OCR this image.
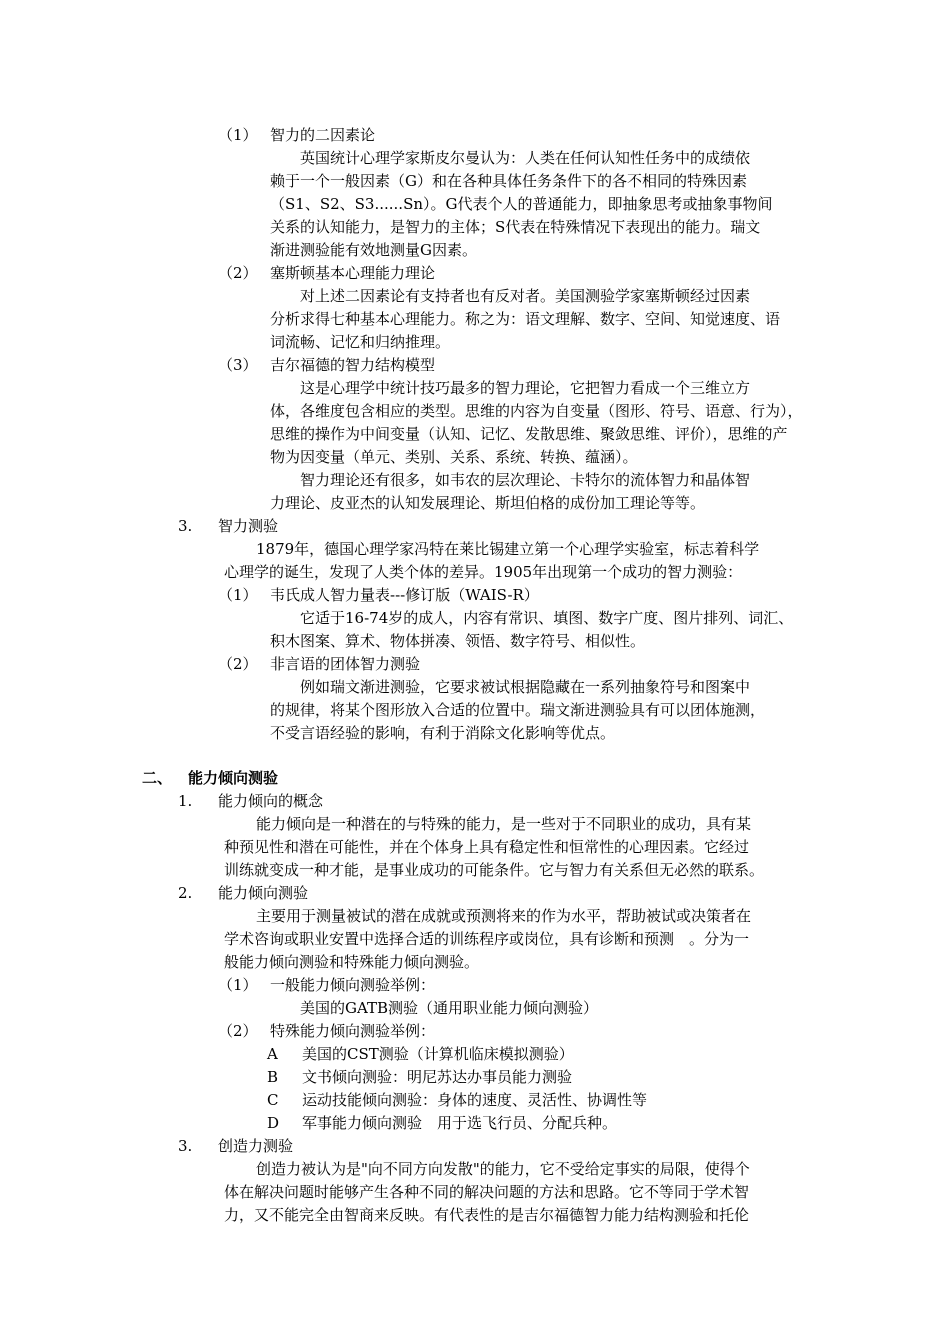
（1） 智力的二因素论
英国统计心理学家斯皮尔曼认为：人类在任何认知性任务中的成绩依
赖于一个一般因素（G）和在各种具体任务条件下的各不相同的特殊因素
（S1、S2、S3......Sn）。G代表个人的普通能力，即抽象思考或抽象事物间
关系的认知能力，是智力的主体；S代表在特殊情况下表现出的能力。瑞文
渐进测验能有效地测量G因素。
（2） 塞斯顿基本心理能力理论
对上述二因素论有支持者也有反对者。美国测验学家塞斯顿经过因素
分析求得七种基本心理能力。称之为：语文理解、数字、空间、知觉速度、语
词流畅、记忆和归纳推理。
（3） 吉尔福德的智力结构模型
这是心理学中统计技巧最多的智力理论，它把智力看成一个三维立方
体，各维度包含相应的类型。思维的内容为自变量（图形、符号、语意、行为），
思维的操作为中间变量（认知、记忆、发散思维、聚敛思维、评价），思维的产
物为因变量（单元、类别、关系、系统、转换、蕴涵）。
智力理论还有很多，如韦农的层次理论、卡特尔的流体智力和晶体智
力理论、皮亚杰的认知发展理论、斯坦伯格的成份加工理论等等。
3. 智力测验
1879年，德国心理学家冯特在莱比锡建立第一个心理学实验室，标志着科学
心理学的诞生，发现了人类个体的差异。1905年出现第一个成功的智力测验：
（1） 韦氏成人智力量表---修订版（WAIS-R）
它适于16-74岁的成人，内容有常识、填图、数字广度、图片排列、词汇、
积木图案、算术、物体拼凑、领悟、数字符号、相似性。
（2） 非言语的团体智力测验
例如瑞文渐进测验，它要求被试根据隐藏在一系列抽象符号和图案中
的规律，将某个图形放入合适的位置中。瑞文渐进测验具有可以团体施测，
不受言语经验的影响，有利于消除文化影响等优点。
二、 能力倾向测验
1. 能力倾向的概念
能力倾向是一种潜在的与特殊的能力，是一些对于不同职业的成功，具有某
种预见性和潜在可能性，并在个体身上具有稳定性和恒常性的心理因素。它经过
训练就变成一种才能，是事业成功的可能条件。它与智力有关系但无必然的联系。
2. 能力倾向测验
主要用于测量被试的潜在成就或预测将来的作为水平，帮助被试或决策者在
学术咨询或职业安置中选择合适的训练程序或岗位，具有诊断和预测　。分为一
般能力倾向测验和特殊能力倾向测验。
（1） 一般能力倾向测验举例：
美国的GATB测验（通用职业能力倾向测验）
（2） 特殊能力倾向测验举例：
A 美国的CST测验（计算机临床模拟测验）
B 文书倾向测验：明尼苏达办事员能力测验
C 运动技能倾向测验：身体的速度、灵活性、协调性等
D 军事能力倾向测验　用于选飞行员、分配兵种。
3. 创造力测验
创造力被认为是"向不同方向发散"的能力，它不受给定事实的局限，使得个
体在解决问题时能够产生各种不同的解决问题的方法和思路。它不等同于学术智
力，又不能完全由智商来反映。有代表性的是吉尔福德智力能力结构测验和托伦
